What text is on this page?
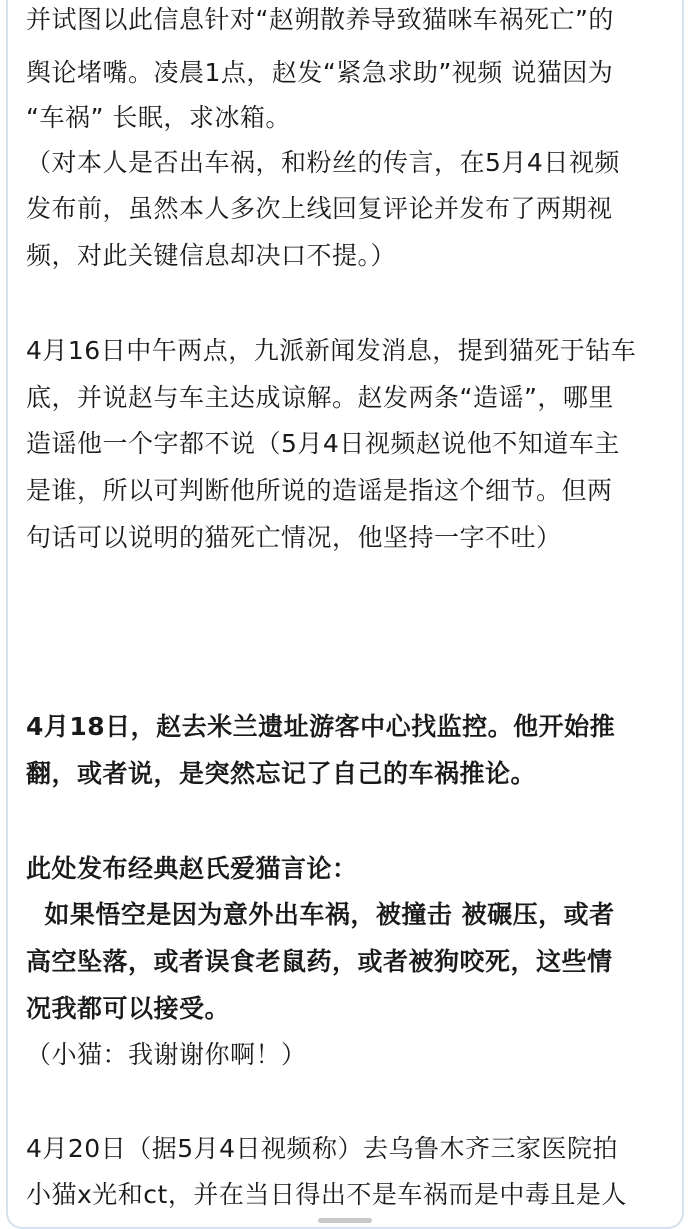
并试图以此信息针对“赵朔散养导致猫咪车祸死亡”的
舆论堵嘴。凌晨1点，赵发“紧急求助”视频 说猫因为
“车祸” 长眠，求冰箱。
（对本人是否出车祸，和粉丝的传言，在5月4日视频
发布前，虽然本人多次上线回复评论并发布了两期视
频，对此关键信息却决口不提。）
4月16日中午两点，九派新闻发消息，提到猫死于钻车
底，并说赵与车主达成谅解。赵发两条“造谣”，哪里
造谣他一个字都不说（5月4日视频赵说他不知道车主
是谁，所以可判断他所说的造谣是指这个细节。但两
句话可以说明的猫死亡情况，他坚持一字不吐）
4月18日，赵去米兰遗址游客中心找监控。他开始推
翻，或者说，是突然忘记了自己的车祸推论。
此处发布经典赵氏爱猫言论：
如果悟空是因为意外出车祸，被撞击 被碾压，或者
高空坠落，或者误食老鼠药，或者被狗咬死，这些情
况我都可以接受。
（小猫：我谢谢你啊！）
4月20日（据5月4日视频称）去乌鲁木齐三家医院拍
小猫x光和ct，并在当日得出不是车祸而是中毒且是人
